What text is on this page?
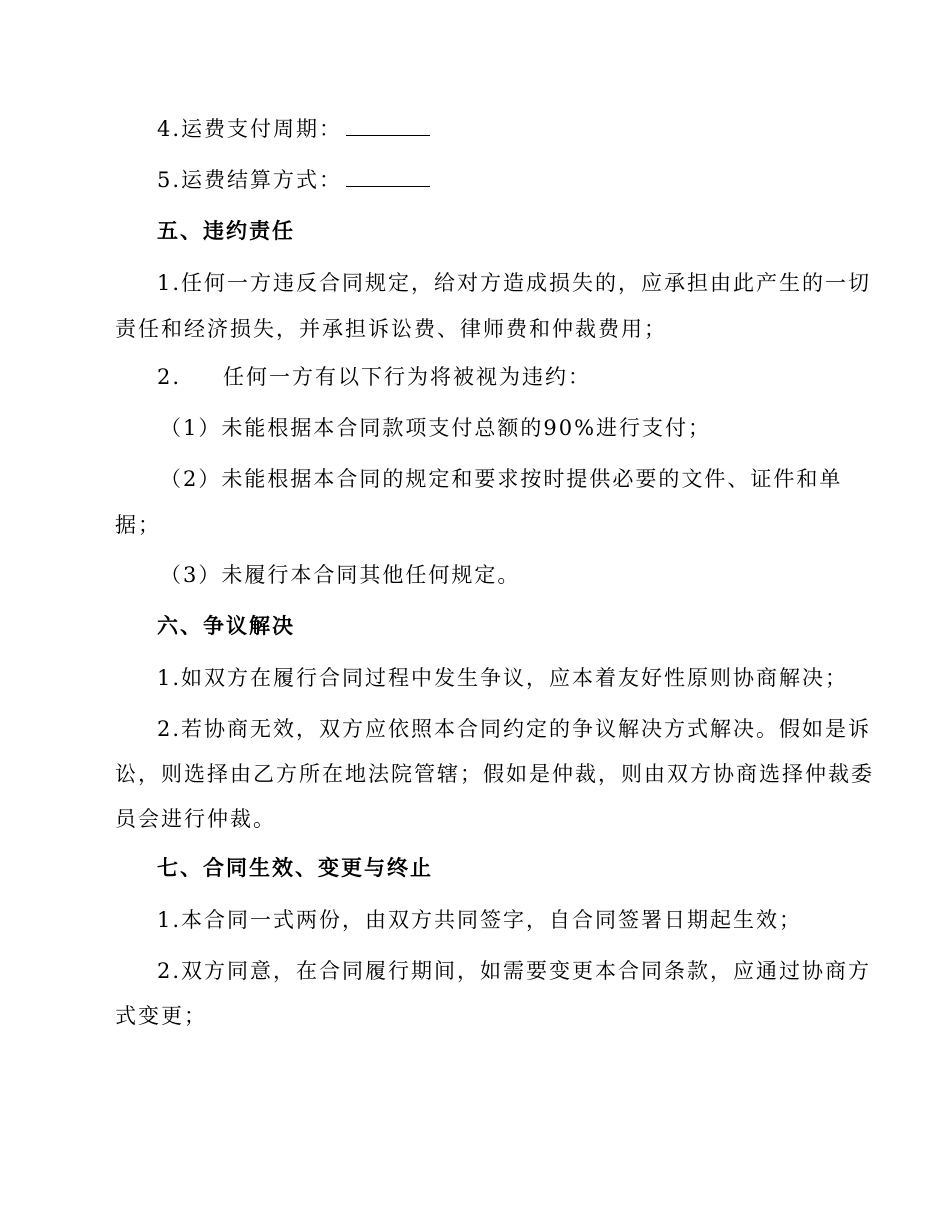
4.运费支付周期：
5.运费结算方式：
五、违约责任
1.任何一方违反合同规定，给对方造成损失的，应承担由此产生的一切
责任和经济损失，并承担诉讼费、律师费和仲裁费用；
2. 任何一方有以下行为将被视为违约：
（1）未能根据本合同款项支付总额的90%进行支付；
（2）未能根据本合同的规定和要求按时提供必要的文件、证件和单
据；
（3）未履行本合同其他任何规定。
六、争议解决
1.如双方在履行合同过程中发生争议，应本着友好性原则协商解决；
2.若协商无效，双方应依照本合同约定的争议解决方式解决。假如是诉
讼，则选择由乙方所在地法院管辖；假如是仲裁，则由双方协商选择仲裁委
员会进行仲裁。
七、合同生效、变更与终止
1.本合同一式两份，由双方共同签字，自合同签署日期起生效；
2.双方同意，在合同履行期间，如需要变更本合同条款，应通过协商方
式变更；
